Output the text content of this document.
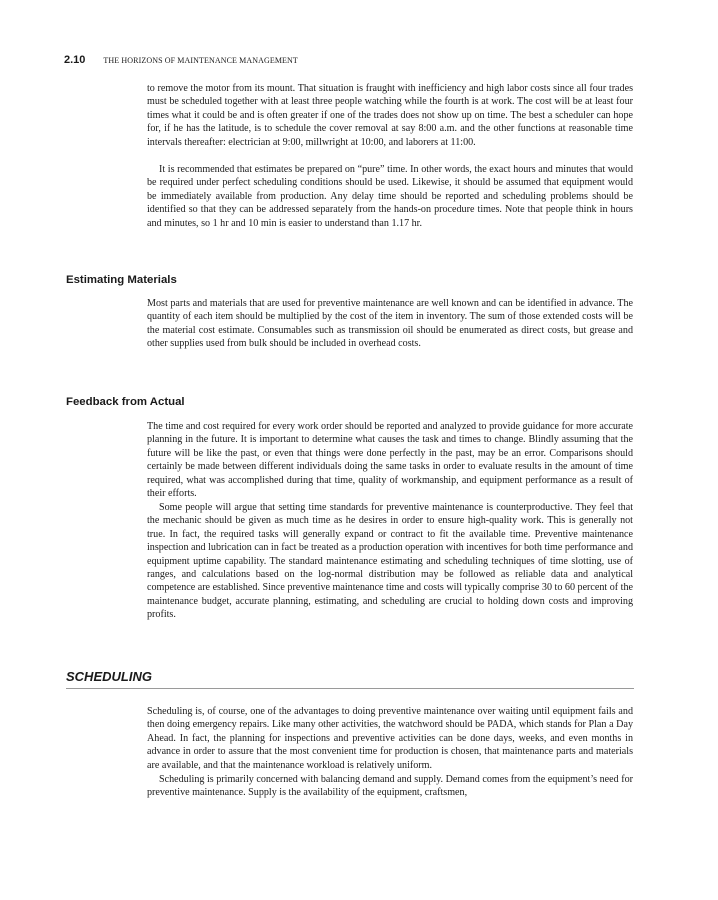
2.10 THE HORIZONS OF MAINTENANCE MANAGEMENT

to remove the motor from its mount. That situation is fraught with inefficiency and high labor costs since all four trades must be scheduled together with at least three people watching while the fourth is at work. The cost will be at least four times what it could be and is often greater if one of the trades does not show up on time. The best a scheduler can hope for, if he has the latitude, is to schedule the cover removal at say 8:00 a.m. and the other functions at reasonable time intervals thereafter: electrician at 9:00, millwright at 10:00, and laborers at 11:00.

It is recommended that estimates be prepared on “pure” time. In other words, the exact hours and minutes that would be required under perfect scheduling conditions should be used. Likewise, it should be assumed that equipment would be immediately available from production. Any delay time should be reported and scheduling problems should be identified so that they can be addressed separately from the hands-on procedure times. Note that people think in hours and minutes, so 1 hr and 10 min is easier to understand than 1.17 hr.

Estimating Materials

Most parts and materials that are used for preventive maintenance are well known and can be identified in advance. The quantity of each item should be multiplied by the cost of the item in inventory. The sum of those extended costs will be the material cost estimate. Consumables such as transmission oil should be enumerated as direct costs, but grease and other supplies used from bulk should be included in overhead costs.

Feedback from Actual

The time and cost required for every work order should be reported and analyzed to provide guidance for more accurate planning in the future. It is important to determine what causes the task and times to change. Blindly assuming that the future will be like the past, or even that things were done perfectly in the past, may be an error. Comparisons should certainly be made between different individuals doing the same tasks in order to evaluate results in the amount of time required, what was accomplished during that time, quality of workmanship, and equipment performance as a result of their efforts.

Some people will argue that setting time standards for preventive maintenance is counterproductive. They feel that the mechanic should be given as much time as he desires in order to ensure high-quality work. This is generally not true. In fact, the required tasks will generally expand or contract to fit the available time. Preventive maintenance inspection and lubrication can in fact be treated as a production operation with incentives for both time performance and equipment uptime capability. The standard maintenance estimating and scheduling techniques of time slotting, use of ranges, and calculations based on the log-normal distribution may be followed as reliable data and analytical competence are established. Since preventive maintenance time and costs will typically comprise 30 to 60 percent of the maintenance budget, accurate planning, estimating, and scheduling are crucial to holding down costs and improving profits.

SCHEDULING

Scheduling is, of course, one of the advantages to doing preventive maintenance over waiting until equipment fails and then doing emergency repairs. Like many other activities, the watchword should be PADA, which stands for Plan a Day Ahead. In fact, the planning for inspections and preventive activities can be done days, weeks, and even months in advance in order to assure that the most convenient time for production is chosen, that maintenance parts and materials are available, and that the maintenance workload is relatively uniform.

Scheduling is primarily concerned with balancing demand and supply. Demand comes from the equipment’s need for preventive maintenance. Supply is the availability of the equipment, craftsmen,
